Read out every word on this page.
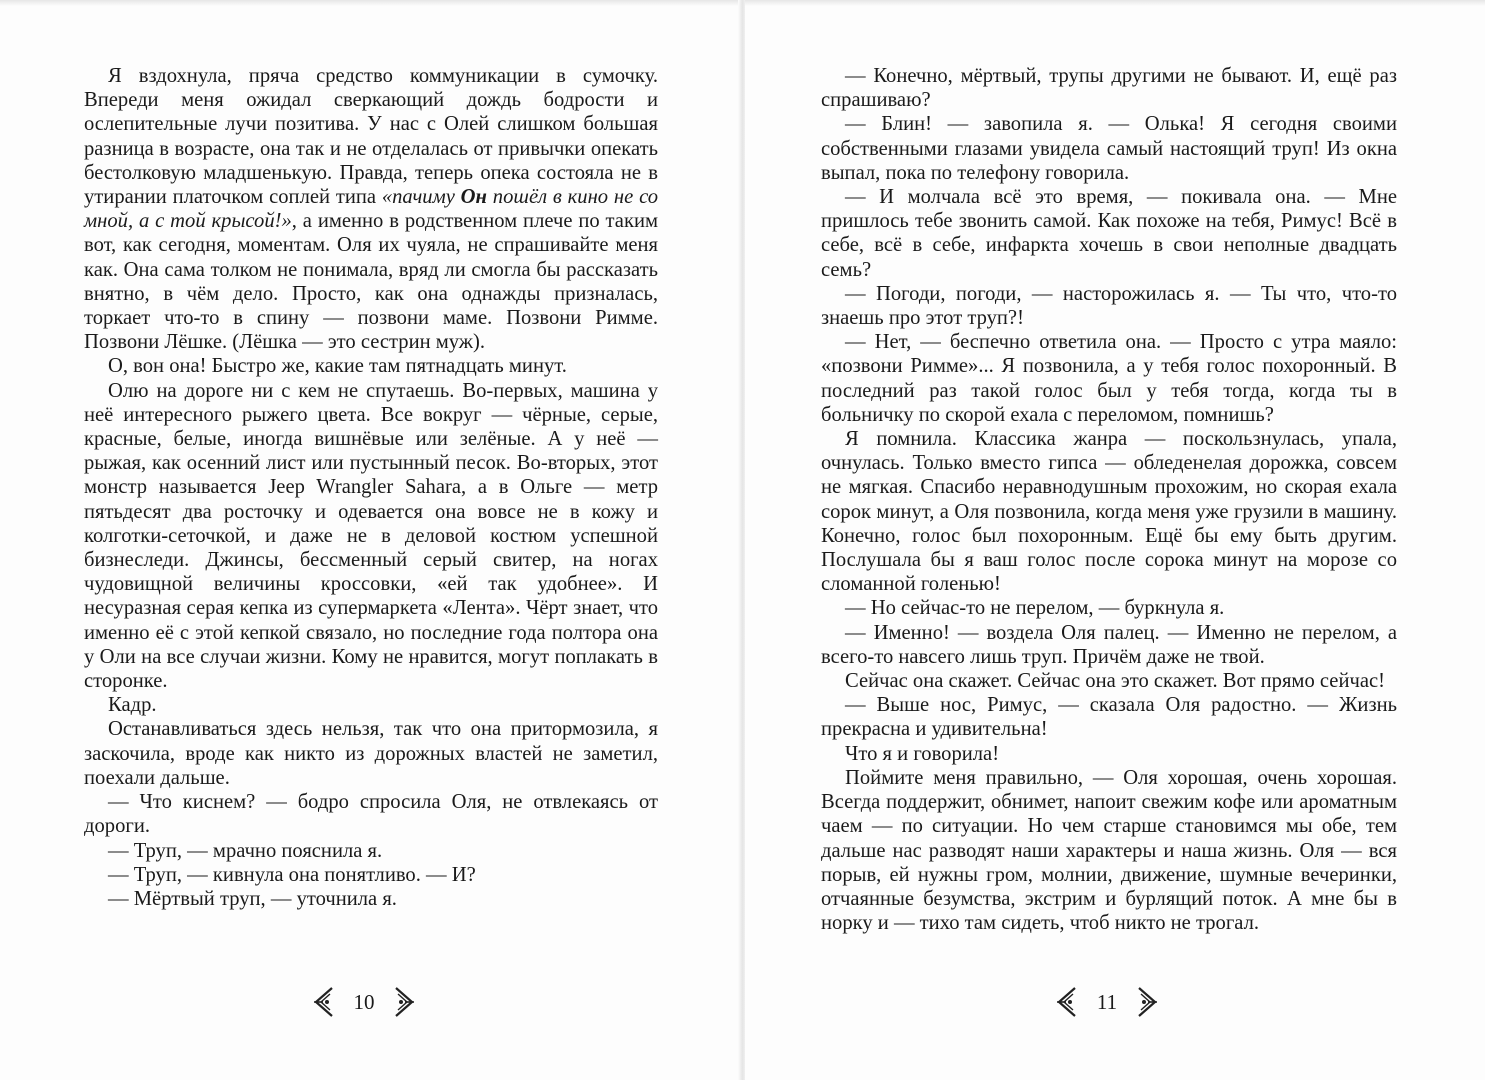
Я вздохнула, пряча средство коммуникации в сумочку. Впереди меня ожидал сверкающий дождь бодрости и ослепительные лучи позитива. У нас с Олей слишком большая разница в возрасте, она так и не отделалась от привычки опекать бестолковую младшенькую. Правда, теперь опека состояла не в утирании платочком соплей типа «пачиму Он пошёл в кино не со мной, а с той крысой!», а именно в родственном плече по таким вот, как сегодня, моментам. Оля их чуяла, не спрашивайте меня как. Она сама толком не понимала, вряд ли смогла бы рассказать внятно, в чём дело. Просто, как она однажды призналась, торкает что-то в спину — позвони маме. Позвони Римме. Позвони Лёшке. (Лёшка — это сестрин муж).

О, вон она! Быстро же, какие там пятнадцать минут.

Олю на дороге ни с кем не спутаешь. Во-первых, машина у неё интересного рыжего цвета. Все вокруг — чёрные, серые, красные, белые, иногда вишнёвые или зелёные. А у неё — рыжая, как осенний лист или пустынный песок. Во-вторых, этот монстр называется Jeep Wrangler Sahara, а в Ольге — метр пятьдесят два росточку и одевается она вовсе не в кожу и колготки-сеточкой, и даже не в деловой костюм успешной бизнеследи. Джинсы, бессменный серый свитер, на ногах чудовищной величины кроссовки, «ей так удобнее». И несуразная серая кепка из супермаркета «Лента». Чёрт знает, что именно её с этой кепкой связало, но последние года полтора она у Оли на все случаи жизни. Кому не нравится, могут поплакать в сторонке.

Кадр.

Останавливаться здесь нельзя, так что она притормозила, я заскочила, вроде как никто из дорожных властей не заметил, поехали дальше.

— Что киснем? — бодро спросила Оля, не отвлекаясь от дороги.

— Труп, — мрачно пояснила я.

— Труп, — кивнула она понятливо. — И?

— Мёртвый труп, — уточнила я.

10

— Конечно, мёртвый, трупы другими не бывают. И, ещё раз спрашиваю?

— Блин! — завопила я. — Олька! Я сегодня своими собственными глазами увидела самый настоящий труп! Из окна выпал, пока по телефону говорила.

— И молчала всё это время, — покивала она. — Мне пришлось тебе звонить самой. Как похоже на тебя, Римус! Всё в себе, всё в себе, инфаркта хочешь в свои неполные двадцать семь?

— Погоди, погоди, — насторожилась я. — Ты что, что-то знаешь про этот труп?!

— Нет, — беспечно ответила она. — Просто с утра маяло: «позвони Римме»... Я позвонила, а у тебя голос похоронный. В последний раз такой голос был у тебя тогда, когда ты в больничку по скорой ехала с переломом, помнишь?

Я помнила. Классика жанра — поскользнулась, упала, очнулась. Только вместо гипса — обледенелая дорожка, совсем не мягкая. Спасибо неравнодушным прохожим, но скорая ехала сорок минут, а Оля позвонила, когда меня уже грузили в машину. Конечно, голос был похоронным. Ещё бы ему быть другим. Послушала бы я ваш голос после сорока минут на морозе со сломанной голенью!

— Но сейчас-то не перелом, — буркнула я.

— Именно! — воздела Оля палец. — Именно не перелом, а всего-то навсего лишь труп. Причём даже не твой.

Сейчас она скажет. Сейчас она это скажет. Вот прямо сейчас!

— Выше нос, Римус, — сказала Оля радостно. — Жизнь прекрасна и удивительна!

Что я и говорила!

Поймите меня правильно, — Оля хорошая, очень хорошая. Всегда поддержит, обнимет, напоит свежим кофе или ароматным чаем — по ситуации. Но чем старше становимся мы обе, тем дальше нас разводят наши характеры и наша жизнь. Оля — вся порыв, ей нужны гром, молнии, движение, шумные вечеринки, отчаянные безумства, экстрим и бурлящий поток. А мне бы в норку и — тихо там сидеть, чтоб никто не трогал.

11
